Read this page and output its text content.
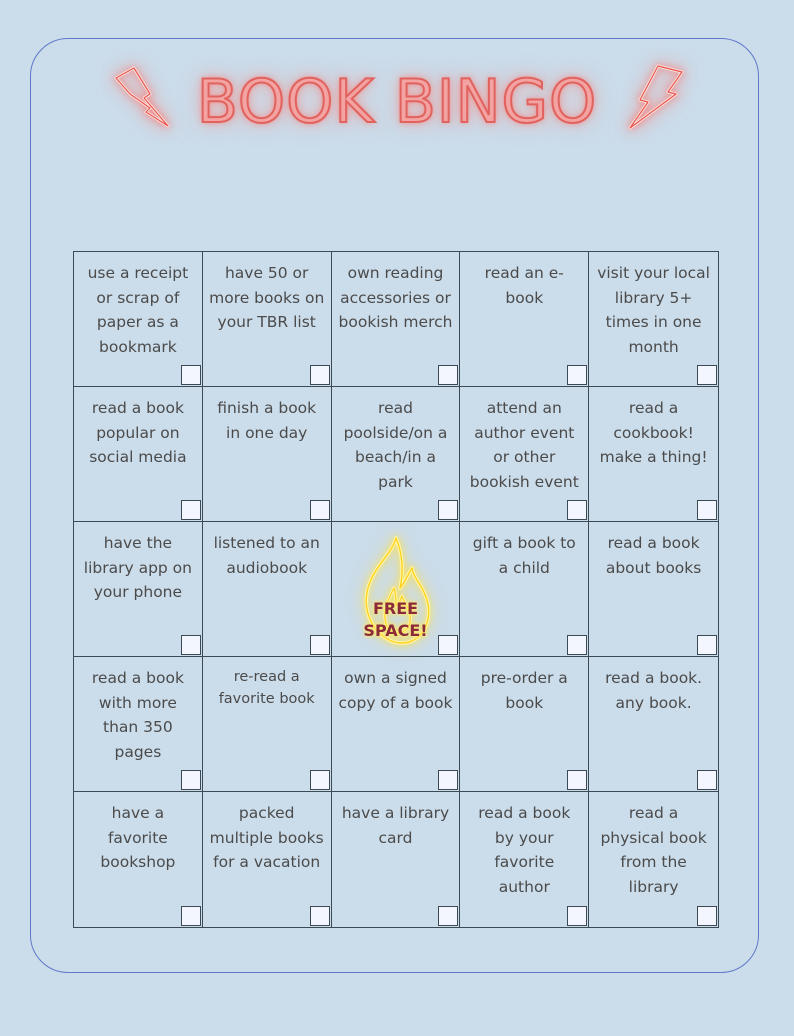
BOOK BINGO
use a receipt or scrap of paper as a bookmark
have 50 or more books on your TBR list
own reading accessories or bookish merch
read an e-book
visit your local library 5+ times in one month
read a book popular on social media
finish a book in one day
read poolside/on a beach/in a park
attend an author event or other bookish event
read a cookbook! make a thing!
have the library app on your phone
listened to an audiobook
FREE
SPACE!
gift a book to a child
read a book about books
read a book with more than 350 pages
re-read a favorite book
own a signed copy of a book
pre-order a book
read a book. any book.
have a favorite bookshop
packed multiple books for a vacation
have a library card
read a book by your favorite author
read a physical book from the library
